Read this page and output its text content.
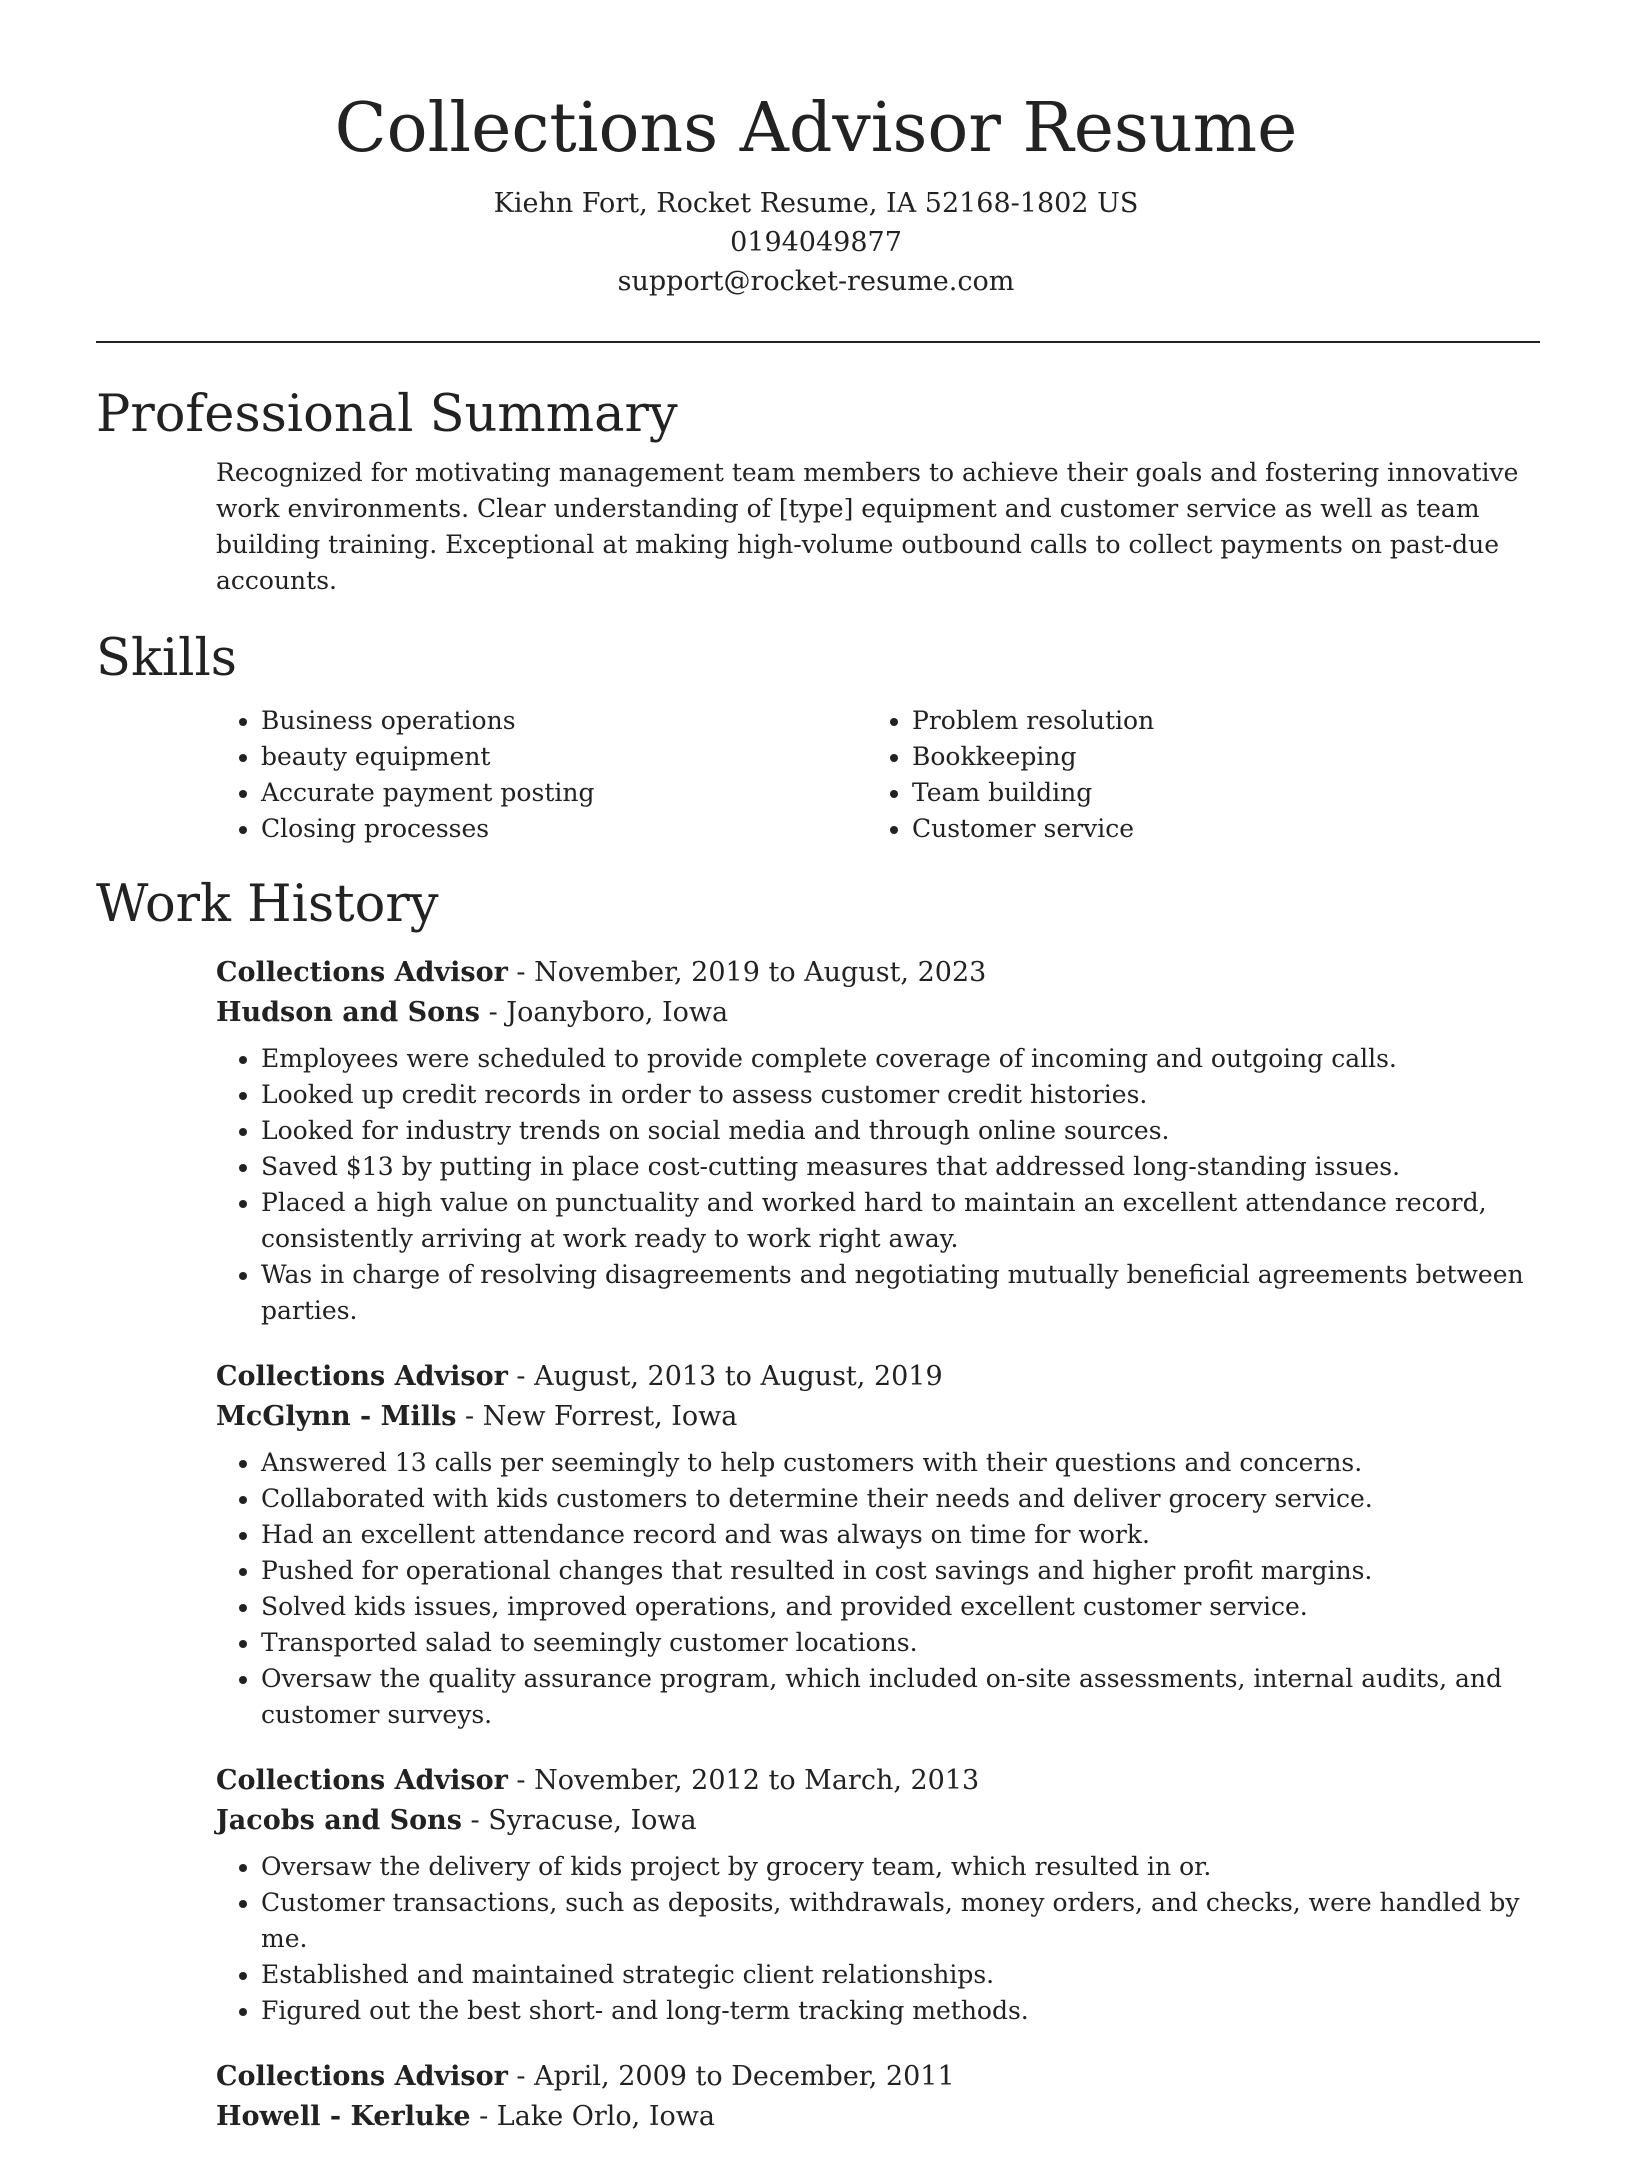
Collections Advisor Resume

Kiehn Fort, Rocket Resume, IA 52168-1802 US

0194049877

support@rocket-resume.com

Professional Summary

Recognized for motivating management team members to achieve their goals and fostering innovative work environments. Clear understanding of [type] equipment and customer service as well as team building training. Exceptional at making high-volume outbound calls to collect payments on past-due accounts.

Skills
• Business operations
• beauty equipment
• Accurate payment posting
• Closing processes
• Problem resolution
• Bookkeeping
• Team building
• Customer service
Work History

Collections Advisor - November, 2019 to August, 2023

Hudson and Sons - Joanyboro, Iowa

• Employees were scheduled to provide complete coverage of incoming and outgoing calls.
• Looked up credit records in order to assess customer credit histories.
• Looked for industry trends on social media and through online sources.
• Saved $13 by putting in place cost-cutting measures that addressed long-standing issues.
• Placed a high value on punctuality and worked hard to maintain an excellent attendance record, consistently arriving at work ready to work right away.
• Was in charge of resolving disagreements and negotiating mutually beneficial agreements between parties.

Collections Advisor - August, 2013 to August, 2019

McGlynn - Mills - New Forrest, Iowa

• Answered 13 calls per seemingly to help customers with their questions and concerns.
• Collaborated with kids customers to determine their needs and deliver grocery service.
• Had an excellent attendance record and was always on time for work.
• Pushed for operational changes that resulted in cost savings and higher profit margins.
• Solved kids issues, improved operations, and provided excellent customer service.
• Transported salad to seemingly customer locations.
• Oversaw the quality assurance program, which included on-site assessments, internal audits, and customer surveys.

Collections Advisor - November, 2012 to March, 2013

Jacobs and Sons - Syracuse, Iowa

• Oversaw the delivery of kids project by grocery team, which resulted in or.
• Customer transactions, such as deposits, withdrawals, money orders, and checks, were handled by me.
• Established and maintained strategic client relationships.
• Figured out the best short- and long-term tracking methods.

Collections Advisor - April, 2009 to December, 2011

Howell - Kerluke - Lake Orlo, Iowa
